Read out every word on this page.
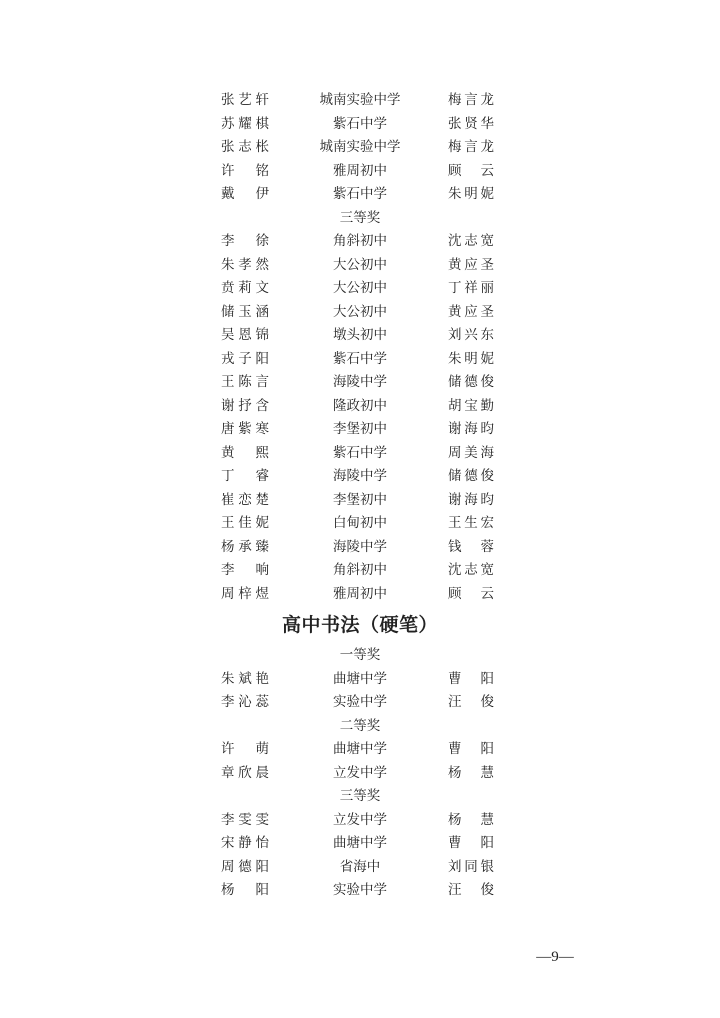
张艺轩	城南实验中学	梅言龙
苏耀棋	紫石中学	张贤华
张志枨	城南实验中学	梅言龙
许 铭	雅周初中	顾 云
戴 伊	紫石中学	朱明妮
三等奖
李 徐	角斜初中	沈志宽
朱孝然	大公初中	黄应圣
贲莉文	大公初中	丁祥丽
储玉涵	大公初中	黄应圣
吴恩锦	墩头初中	刘兴东
戎子阳	紫石中学	朱明妮
王陈言	海陵中学	储德俊
谢抒含	隆政初中	胡宝勤
唐紫寒	李堡初中	谢海昀
黄 熙	紫石中学	周美海
丁 睿	海陵中学	储德俊
崔恋楚	李堡初中	谢海昀
王佳妮	白甸初中	王生宏
杨承臻	海陵中学	钱 蓉
李 响	角斜初中	沈志宽
周梓煜	雅周初中	顾 云
高中书法（硬笔）
一等奖
朱斌艳	曲塘中学	曹 阳
李沁蕊	实验中学	汪 俊
二等奖
许 萌	曲塘中学	曹 阳
章欣晨	立发中学	杨 慧
三等奖
李雯雯	立发中学	杨 慧
宋静怡	曲塘中学	曹 阳
周德阳	省海中	刘同银
杨 阳	实验中学	汪 俊
—9—
